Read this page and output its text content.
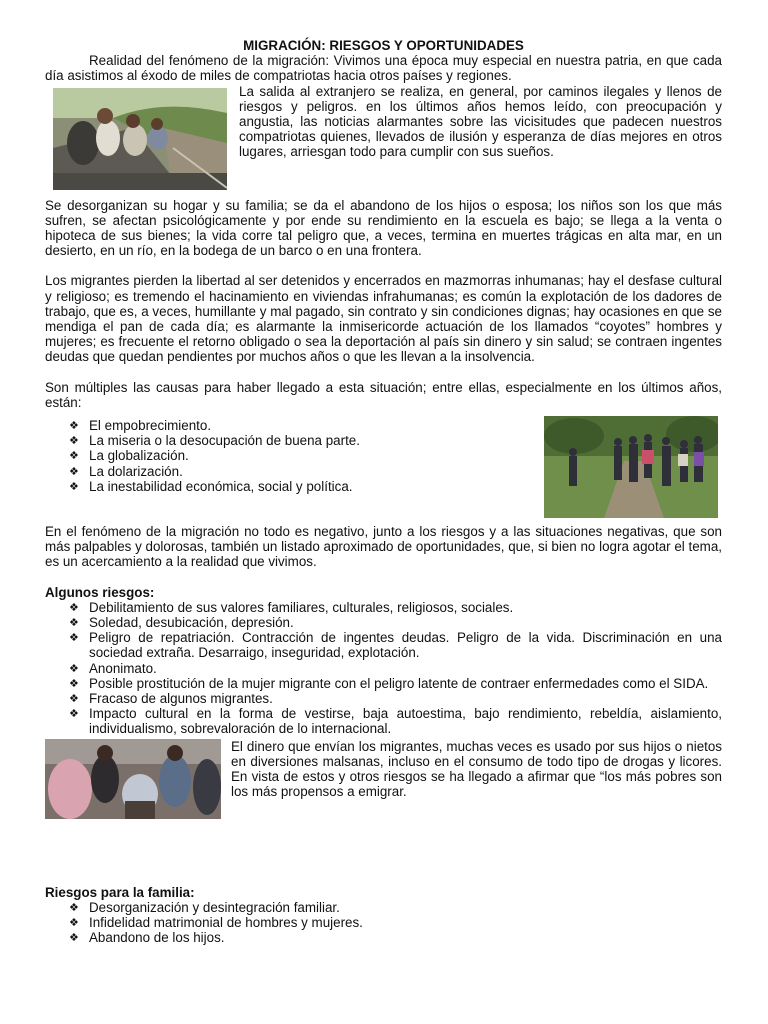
MIGRACIÓN: RIESGOS Y OPORTUNIDADES

Realidad del fenómeno de la migración: Vivimos una época muy especial en nuestra patria, en que cada día asistimos al éxodo de miles de compatriotas hacia otros países y regiones.

La salida al extranjero se realiza, en general, por caminos ilegales y llenos de riesgos y peligros. en los últimos años hemos leído, con preocupación y angustia, las noticias alarmantes sobre las vicisitudes que padecen nuestros compatriotas quienes, llevados de ilusión y esperanza de días mejores en otros lugares, arriesgan todo para cumplir con sus sueños.

Se desorganizan su hogar y su familia; se da el abandono de los hijos o esposa; los niños son los que más sufren, se afectan psicológicamente y por ende su rendimiento en la escuela es bajo; se llega a la venta o hipoteca de sus bienes; la vida corre tal peligro que, a veces, termina en muertes trágicas en alta mar, en un desierto, en un río, en la bodega de un barco o en una frontera.

Los migrantes pierden la libertad al ser detenidos y encerrados en mazmorras inhumanas; hay el desfase cultural y religioso; es tremendo el hacinamiento en viviendas infrahumanas; es común la explotación de los dadores de trabajo, que es, a veces, humillante y mal pagado, sin contrato y sin condiciones dignas; hay ocasiones en que se mendiga el pan de cada día; es alarmante la inmisericorde actuación de los llamados “coyotes” hombres y mujeres; es frecuente el retorno obligado o sea la deportación al país sin dinero y sin salud; se contraen ingentes deudas que quedan pendientes por muchos años o que les llevan a la insolvencia.

Son múltiples las causas para haber llegado a esta situación; entre ellas, especialmente en los últimos años, están:

❖ El empobrecimiento.
❖ La miseria o la desocupación de buena parte.
❖ La globalización.
❖ La dolarización.
❖ La inestabilidad económica, social y política.

En el fenómeno de la migración no todo es negativo, junto a los riesgos y a las situaciones negativas, que son más palpables y dolorosas, también un listado aproximado de oportunidades, que, si bien no logra agotar el tema, es un acercamiento a la realidad que vivimos.

Algunos riesgos:

❖ Debilitamiento de sus valores familiares, culturales, religiosos, sociales.
❖ Soledad, desubicación, depresión.
❖ Peligro de repatriación. Contracción de ingentes deudas. Peligro de la vida. Discriminación en una sociedad extraña. Desarraigo, inseguridad, explotación.
❖ Anonimato.
❖ Posible prostitución de la mujer migrante con el peligro latente de contraer enfermedades como el SIDA.
❖ Fracaso de algunos migrantes.
❖ Impacto cultural en la forma de vestirse, baja autoestima, bajo rendimiento, rebeldía, aislamiento, individualismo, sobrevaloración de lo internacional.

El dinero que envían los migrantes, muchas veces es usado por sus hijos o nietos en diversiones malsanas, incluso en el consumo de todo tipo de drogas y licores. En vista de estos y otros riesgos se ha llegado a afirmar que “los más pobres son los más propensos a emigrar.

Riesgos para la familia:

❖ Desorganización y desintegración familiar.
❖ Infidelidad matrimonial de hombres y mujeres.
❖ Abandono de los hijos.
